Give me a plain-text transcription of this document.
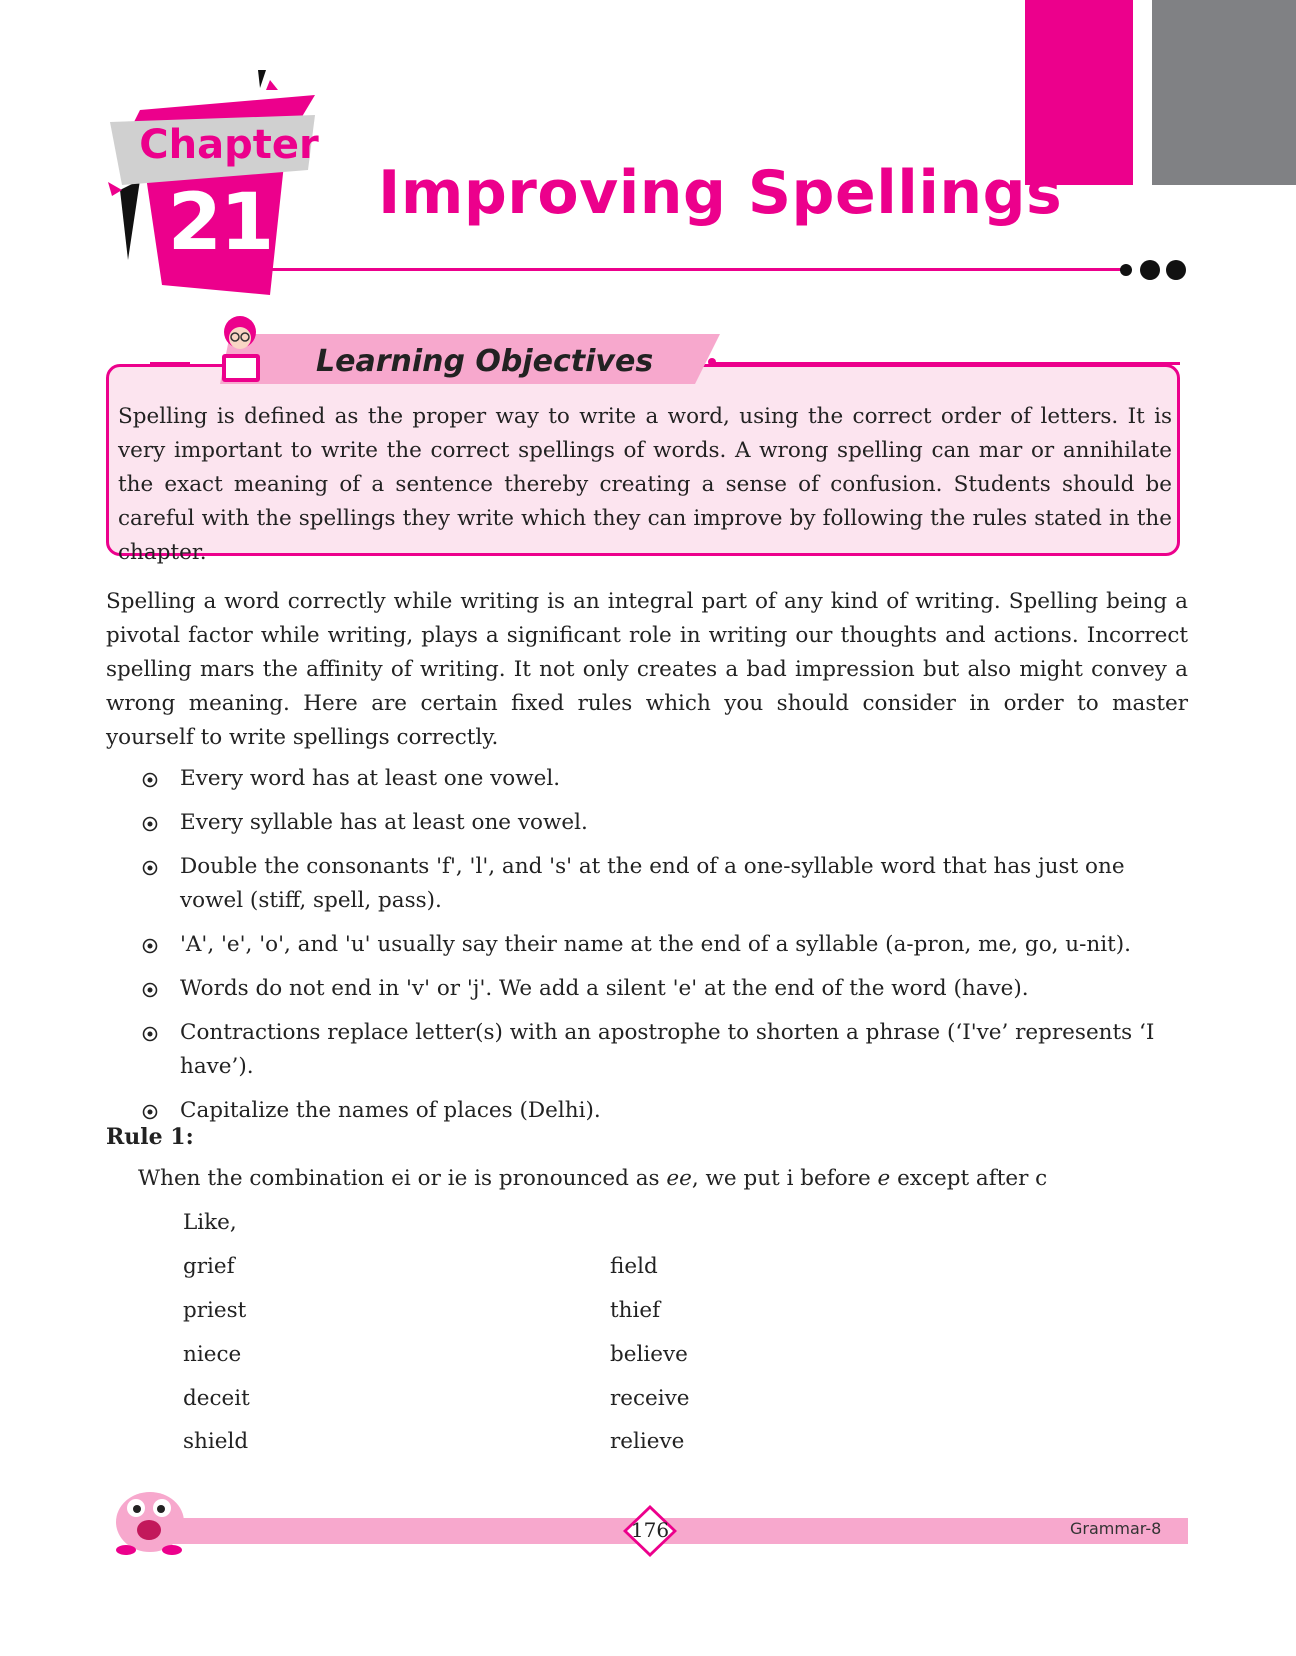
Chapter
21 Improving Spellings
Learning Objectives
Spelling is defined as the proper way to write a word, using the correct order of letters. It is very important to write the correct spellings of words. A wrong spelling can mar or annihilate the exact meaning of a sentence thereby creating a sense of confusion. Students should be careful with the spellings they write which they can improve by following the rules stated in the chapter.
Spelling a word correctly while writing is an integral part of any kind of writing. Spelling being a pivotal factor while writing, plays a significant role in writing our thoughts and actions. Incorrect spelling mars the affinity of writing. It not only creates a bad impression but also might convey a wrong meaning. Here are certain fixed rules which you should consider in order to master yourself to write spellings correctly.
Every word has at least one vowel.
Every syllable has at least one vowel.
Double the consonants 'f', 'l', and 's' at the end of a one-syllable word that has just one vowel (stiff, spell, pass).
'A', 'e', 'o', and 'u' usually say their name at the end of a syllable (a-pron, me, go, u-nit).
Words do not end in 'v' or 'j'. We add a silent 'e' at the end of the word (have).
Contractions replace letter(s) with an apostrophe to shorten a phrase (‘I've’ represents ‘I have’).
Capitalize the names of places (Delhi).
Rule 1:
When the combination ei or ie is pronounced as ee, we put i before e except after c
Like,
grief
priest
niece
deceit
shield
field
thief
believe
receive
relieve
176	Grammar-8
